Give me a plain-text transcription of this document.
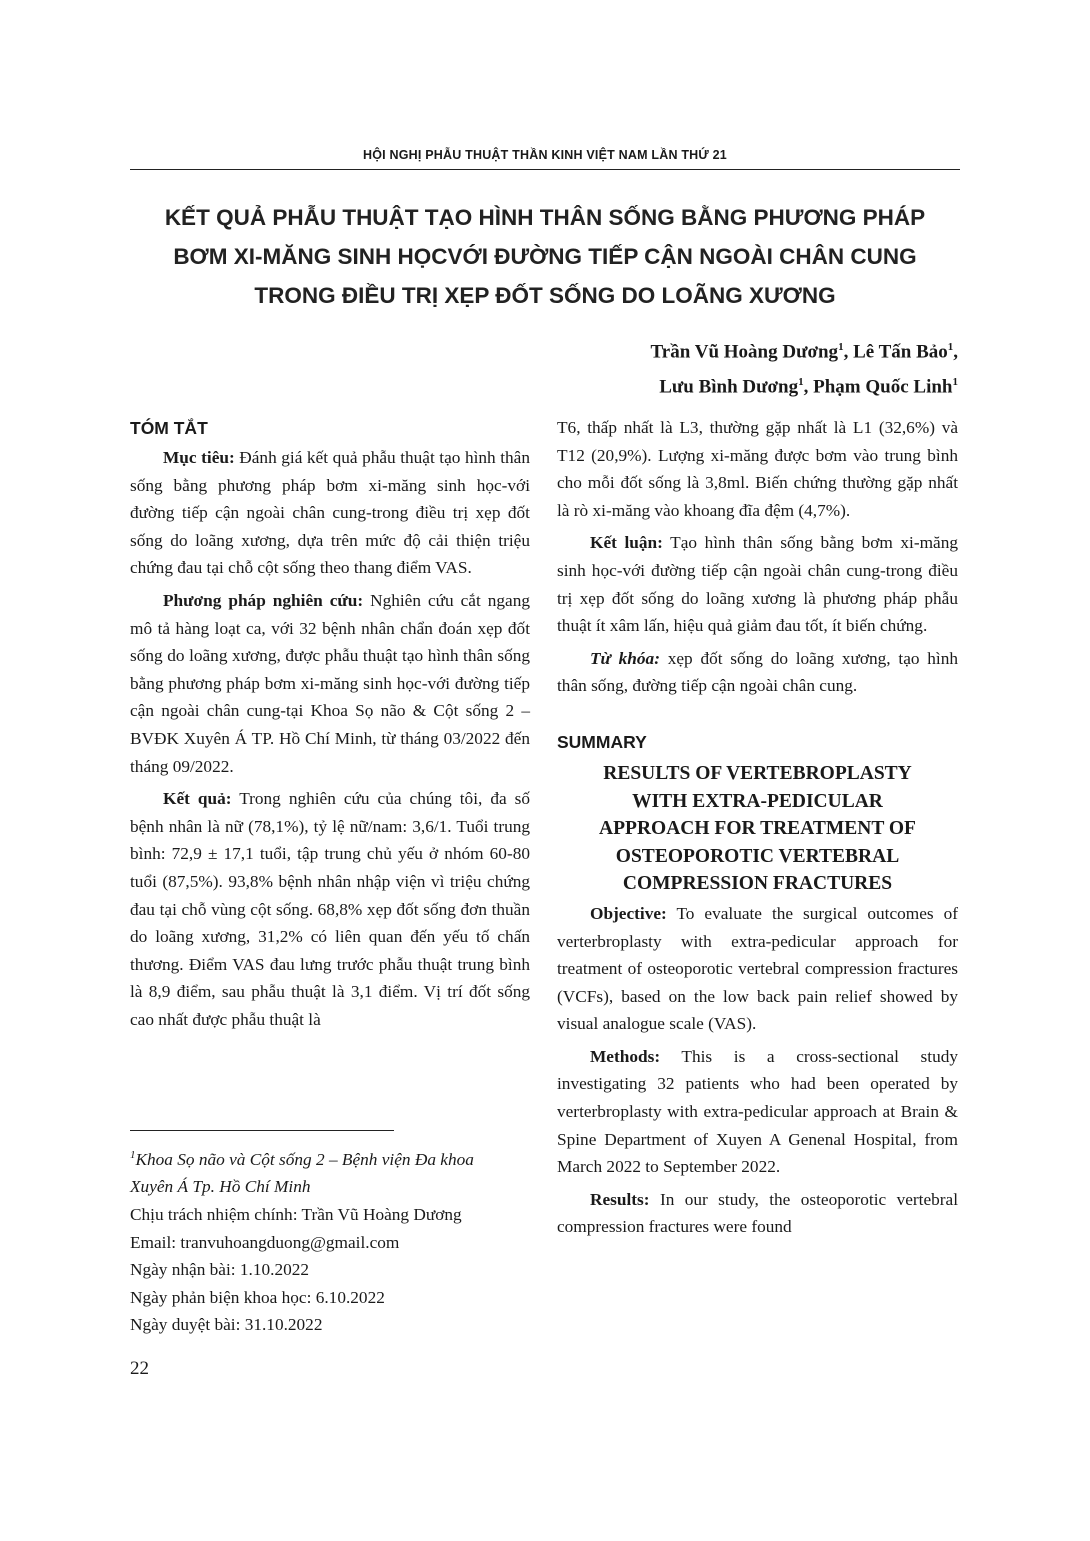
HỘI NGHỊ PHẪU THUẬT THẦN KINH VIỆT NAM LẦN THỨ 21
KẾT QUẢ PHẪU THUẬT TẠO HÌNH THÂN SỐNG BẰNG PHƯƠNG PHÁP
BƠM XI-MĂNG SINH HỌCVỚI ĐƯỜNG TIẾP CẬN NGOÀI CHÂN CUNG
TRONG ĐIỀU TRỊ XẸP ĐỐT SỐNG DO LOÃNG XƯƠNG
Trần Vũ Hoàng Dương$^1$, Lê Tấn Bảo$^1$,
Lưu Bình Dương$^1$, Phạm Quốc Linh$^1$
TÓM TẮT

Mục tiêu: Đánh giá kết quả phẫu thuật tạo hình thân sống bằng phương pháp bơm xi-măng sinh học-với đường tiếp cận ngoài chân cung-trong điều trị xẹp đốt sống do loãng xương, dựa trên mức độ cải thiện triệu chứng đau tại chỗ cột sống theo thang điểm VAS.

Phương pháp nghiên cứu: Nghiên cứu cắt ngang mô tả hàng loạt ca, với 32 bệnh nhân chẩn đoán xẹp đốt sống do loãng xương, được phẫu thuật tạo hình thân sống bằng phương pháp bơm xi-măng sinh học-với đường tiếp cận ngoài chân cung-tại Khoa Sọ não & Cột sống 2 – BVĐK Xuyên Á TP. Hồ Chí Minh, từ tháng 03/2022 đến tháng 09/2022.

Kết quả: Trong nghiên cứu của chúng tôi, đa số bệnh nhân là nữ (78,1%), tỷ lệ nữ/nam: 3,6/1. Tuổi trung bình: 72,9 ± 17,1 tuổi, tập trung chủ yếu ở nhóm 60-80 tuổi (87,5%). 93,8% bệnh nhân nhập viện vì triệu chứng đau tại chỗ vùng cột sống. 68,8% xẹp đốt sống đơn thuần do loãng xương, 31,2% có liên quan đến yếu tố chấn thương. Điểm VAS đau lưng trước phẫu thuật trung bình là 8,9 điểm, sau phẫu thuật là 3,1 điểm. Vị trí đốt sống cao nhất được phẫu thuật là

T6, thấp nhất là L3, thường gặp nhất là L1 (32,6%) và T12 (20,9%). Lượng xi-măng được bơm vào trung bình cho mỗi đốt sống là 3,8ml. Biến chứng thường gặp nhất là rò xi-măng vào khoang đĩa đệm (4,7%).

Kết luận: Tạo hình thân sống bằng bơm xi-măng sinh học-với đường tiếp cận ngoài chân cung-trong điều trị xẹp đốt sống do loãng xương là phương pháp phẫu thuật ít xâm lấn, hiệu quả giảm đau tốt, ít biến chứng.

Từ khóa: xẹp đốt sống do loãng xương, tạo hình thân sống, đường tiếp cận ngoài chân cung.

SUMMARY
RESULTS OF VERTEBROPLASTY
WITH EXTRA-PEDICULAR
APPROACH FOR TREATMENT OF
OSTEOPOROTIC VERTEBRAL
COMPRESSION FRACTURES

Objective: To evaluate the surgical outcomes of verterbroplasty with extra-pedicular approach for treatment of osteoporotic vertebral compression fractures (VCFs), based on the low back pain relief showed by visual analogue scale (VAS).

Methods: This is a cross-sectional study investigating 32 patients who had been operated by verterbroplasty with extra-pedicular approach at Brain & Spine Department of Xuyen A Genenal Hospital, from March 2022 to September 2022.

Results: In our study, the osteoporotic vertebral compression fractures were found

$^1$Khoa Sọ não và Cột sống 2 – Bệnh viện Đa khoa
Xuyên Á Tp. Hồ Chí Minh
Chịu trách nhiệm chính: Trần Vũ Hoàng Dương
Email: tranvuhoangduong@gmail.com
Ngày nhận bài: 1.10.2022
Ngày phản biện khoa học: 6.10.2022
Ngày duyệt bài: 31.10.2022
22
